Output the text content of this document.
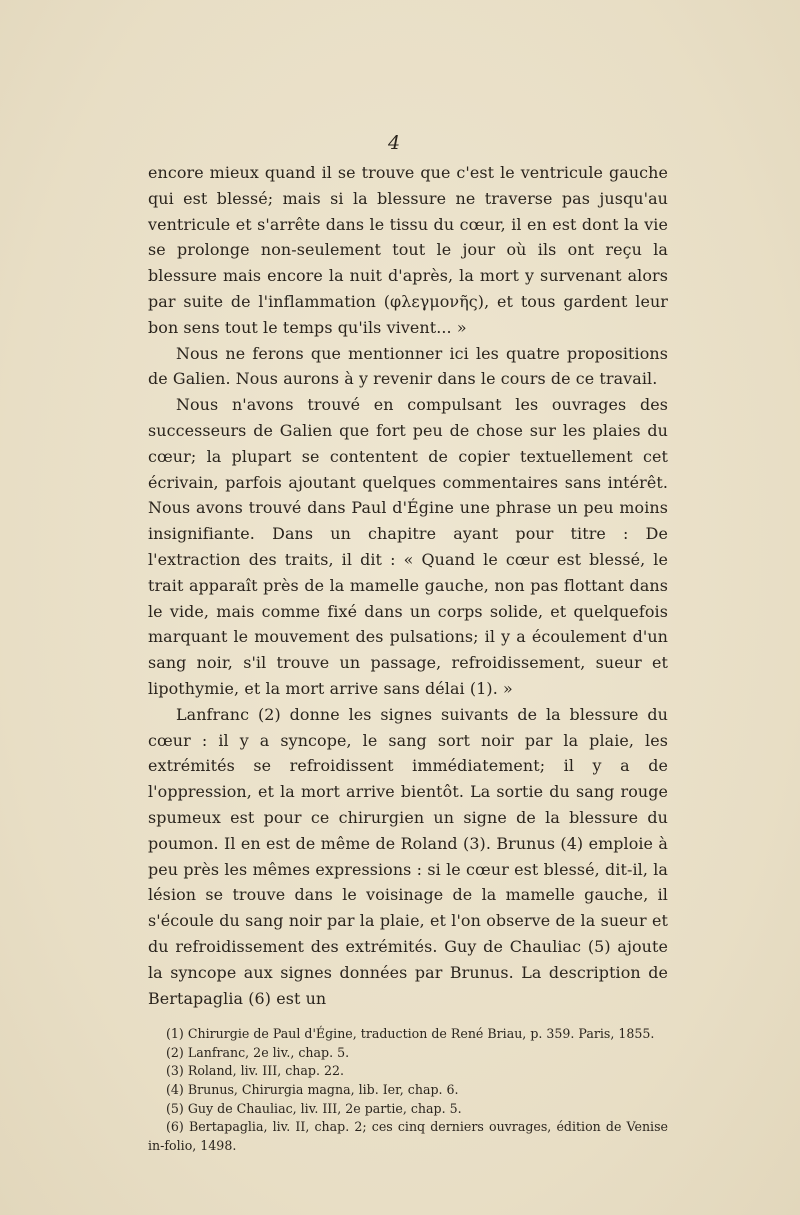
4

encore mieux quand il se trouve que c'est le ventricule gauche qui est blessé; mais si la blessure ne traverse pas jusqu'au ventricule et s'arrête dans le tissu du cœur, il en est dont la vie se prolonge non-seulement tout le jour où ils ont reçu la blessure mais encore la nuit d'après, la mort y survenant alors par suite de l'inflammation (φλεγμονῆς), et tous gardent leur bon sens tout le temps qu'ils vivent... »

Nous ne ferons que mentionner ici les quatre propositions de Galien. Nous aurons à y revenir dans le cours de ce travail.

Nous n'avons trouvé en compulsant les ouvrages des successeurs de Galien que fort peu de chose sur les plaies du cœur; la plupart se contentent de copier textuellement cet écrivain, parfois ajoutant quelques commentaires sans intérêt. Nous avons trouvé dans Paul d'Égine une phrase un peu moins insignifiante. Dans un chapitre ayant pour titre : De l'extraction des traits, il dit : « Quand le cœur est blessé, le trait apparaît près de la mamelle gauche, non pas flottant dans le vide, mais comme fixé dans un corps solide, et quelquefois marquant le mouvement des pulsations; il y a écoulement d'un sang noir, s'il trouve un passage, refroidissement, sueur et lipothymie, et la mort arrive sans délai (1). »

Lanfranc (2) donne les signes suivants de la blessure du cœur : il y a syncope, le sang sort noir par la plaie, les extrémités se refroidissent immédiatement; il y a de l'oppression, et la mort arrive bientôt. La sortie du sang rouge spumeux est pour ce chirurgien un signe de la blessure du poumon. Il en est de même de Roland (3). Brunus (4) emploie à peu près les mêmes expressions : si le cœur est blessé, dit-il, la lésion se trouve dans le voisinage de la mamelle gauche, il s'écoule du sang noir par la plaie, et l'on observe de la sueur et du refroidissement des extrémités. Guy de Chauliac (5) ajoute la syncope aux signes données par Brunus. La description de Bertapaglia (6) est un

(1) Chirurgie de Paul d'Égine, traduction de René Briau, p. 359. Paris, 1855.

(2) Lanfranc, 2e liv., chap. 5.

(3) Roland, liv. III, chap. 22.

(4) Brunus, Chirurgia magna, lib. Ier, chap. 6.

(5) Guy de Chauliac, liv. III, 2e partie, chap. 5.

(6) Bertapaglia, liv. II, chap. 2; ces cinq derniers ouvrages, édition de Venise in-folio, 1498.
